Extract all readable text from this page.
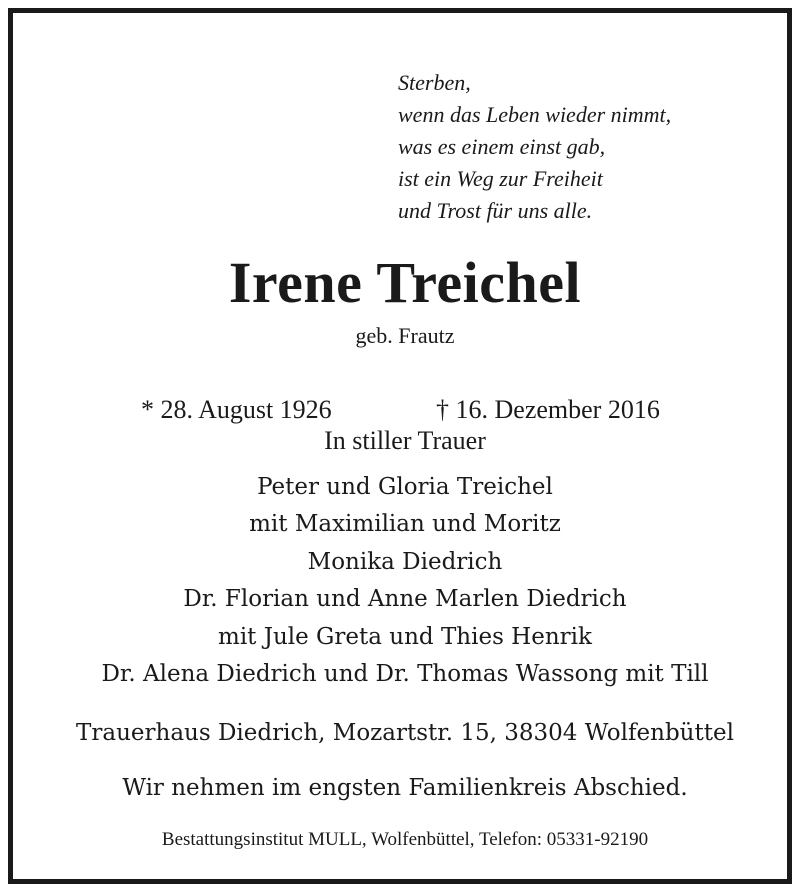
Sterben,
wenn das Leben wieder nimmt,
was es einem einst gab,
ist ein Weg zur Freiheit
und Trost für uns alle.
Irene Treichel

geb. Frautz

* 28. August 1926	† 16. Dezember 2016

In stiller Trauer

Peter und Gloria Treichel
mit Maximilian und Moritz
Monika Diedrich
Dr. Florian und Anne Marlen Diedrich
mit Jule Greta und Thies Henrik
Dr. Alena Diedrich und Dr. Thomas Wassong mit Till

Trauerhaus Diedrich, Mozartstr. 15, 38304 Wolfenbüttel

Wir nehmen im engsten Familienkreis Abschied.

Bestattungsinstitut MULL, Wolfenbüttel, Telefon: 05331-92190
